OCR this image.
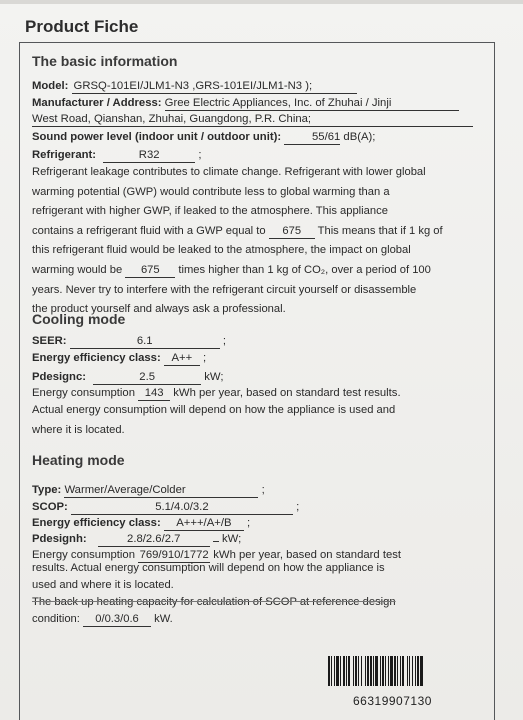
Product Fiche
The basic information
Model: GRSQ-101EI/JLM1-N3 ,GRS-101EI/JLM1-N3 );
Manufacturer / Address: Gree Electric Appliances, Inc. of Zhuhai / Jinji
West Road, Qianshan, Zhuhai, Guangdong, P.R. China;
Sound power level (indoor unit / outdoor unit):	55/61 dB(A);
Refrigerant:	R32	;
Refrigerant leakage contributes to climate change. Refrigerant with lower global
warming potential (GWP) would contribute less to global warming than a
refrigerant with higher GWP, if leaked to the atmosphere. This appliance
contains a refrigerant fluid with a GWP equal to 675 This means that if 1 kg of
this refrigerant fluid would be leaked to the atmosphere, the impact on global
warming would be 675 times higher than 1 kg of CO₂, over a period of 100
years. Never try to interfere with the refrigerant circuit yourself or disassemble
the product yourself and always ask a professional.
Cooling mode
SEER:	6.1	;
Energy efficiency class: A++ ;
Pdesignc:	2.5	kW;
Energy consumption 143 kWh per year, based on standard test results.
Actual energy consumption will depend on how the appliance is used and
where it is located.
Heating mode
Type: Warmer/Average/Colder	;
SCOP:	5.1/4.0/3.2	;
Energy efficiency class: A+++/A+/B ;
Pdesignh:	2.8/2.6/2.7	kW;
Energy consumption 769/910/1772 kWh per year, based on standard test
results. Actual energy consumption will depend on how the appliance is
used and where it is located.
The back up heating capacity for calculation of SCOP at reference design
condition: 0/0.3/0.6 kW.
66319907130
